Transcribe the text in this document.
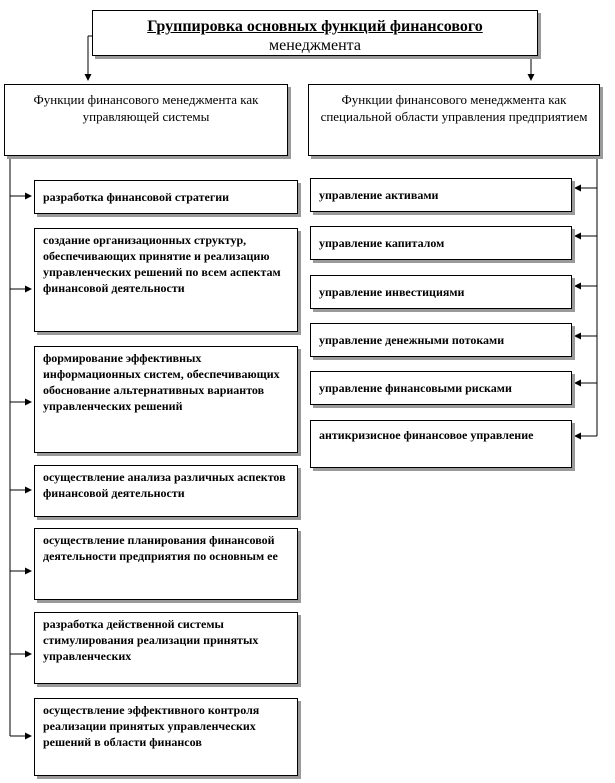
Группировка основных функций финансового
менеджмента
Функции финансового менеджмента как управляющей системы
Функции финансового менеджмента как специальной области управления предприятием
разработка финансовой стратегии
создание организационных структур, обеспечивающих принятие и реализацию управленческих решений по всем аспектам финансовой деятельности
формирование эффективных информационных систем, обеспечивающих обоснование альтернативных вариантов управленческих решений
осуществление анализа различных аспектов финансовой деятельности
осуществление планирования финансовой деятельности предприятия по основным ее
разработка действенной системы стимулирования реализации принятых управленческих
осуществление эффективного контроля реализации принятых управленческих решений в области финансов
управление активами
управление капиталом
управление инвестициями
управление денежными потоками
управление финансовыми рисками
антикризисное финансовое управление
